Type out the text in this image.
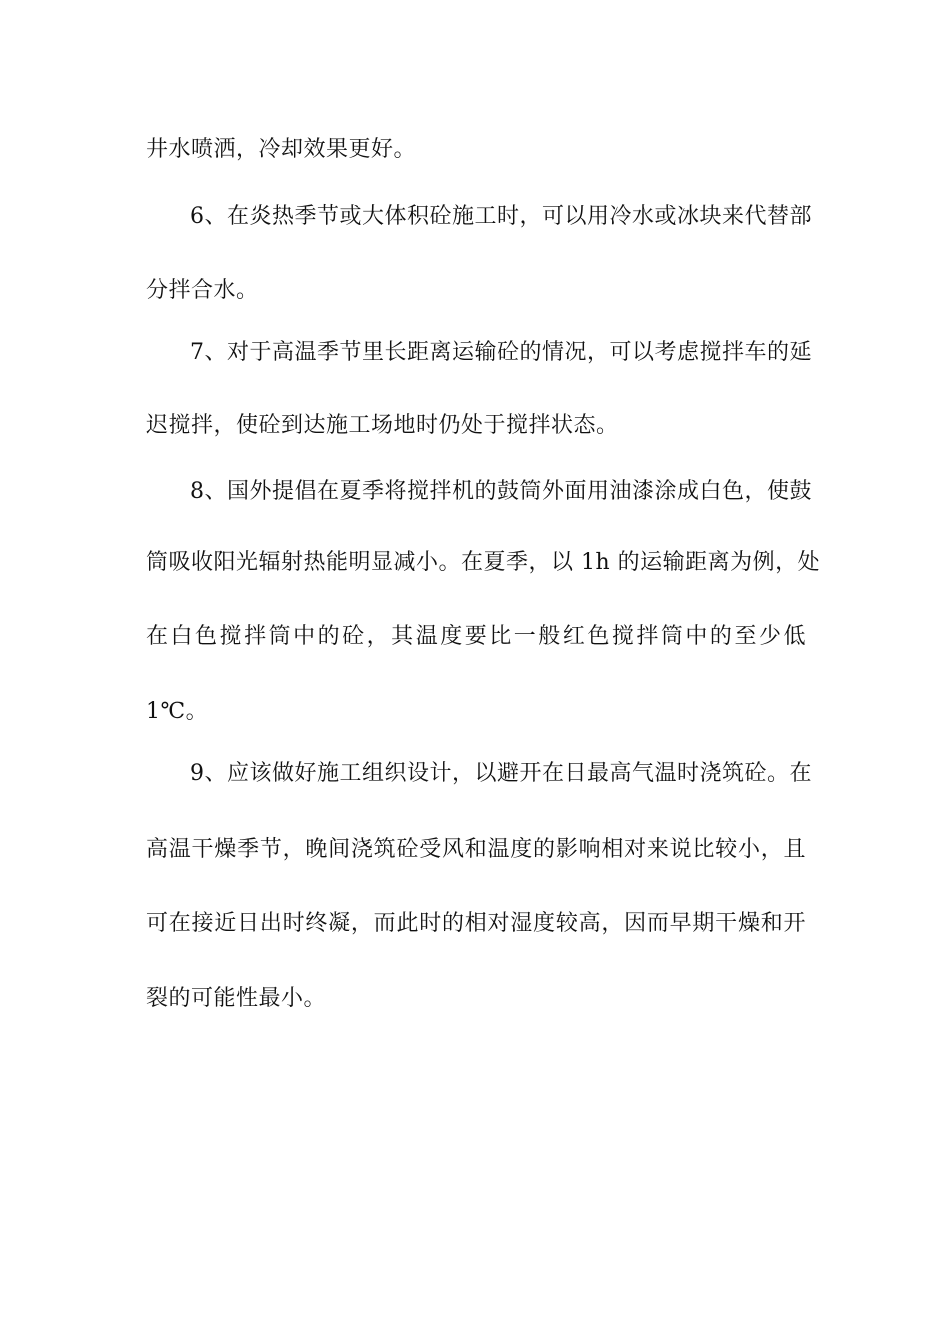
井水喷洒，冷却效果更好。
6、在炎热季节或大体积砼施工时，可以用冷水或冰块来代替部
分拌合水。
7、对于高温季节里长距离运输砼的情况，可以考虑搅拌车的延
迟搅拌，使砼到达施工场地时仍处于搅拌状态。
8、国外提倡在夏季将搅拌机的鼓筒外面用油漆涂成白色，使鼓
筒吸收阳光辐射热能明显减小。在夏季，以 1h 的运输距离为例，处
在白色搅拌筒中的砼，其温度要比一般红色搅拌筒中的至少低
1℃。
9、应该做好施工组织设计，以避开在日最高气温时浇筑砼。在
高温干燥季节，晚间浇筑砼受风和温度的影响相对来说比较小，且
可在接近日出时终凝，而此时的相对湿度较高，因而早期干燥和开
裂的可能性最小。
